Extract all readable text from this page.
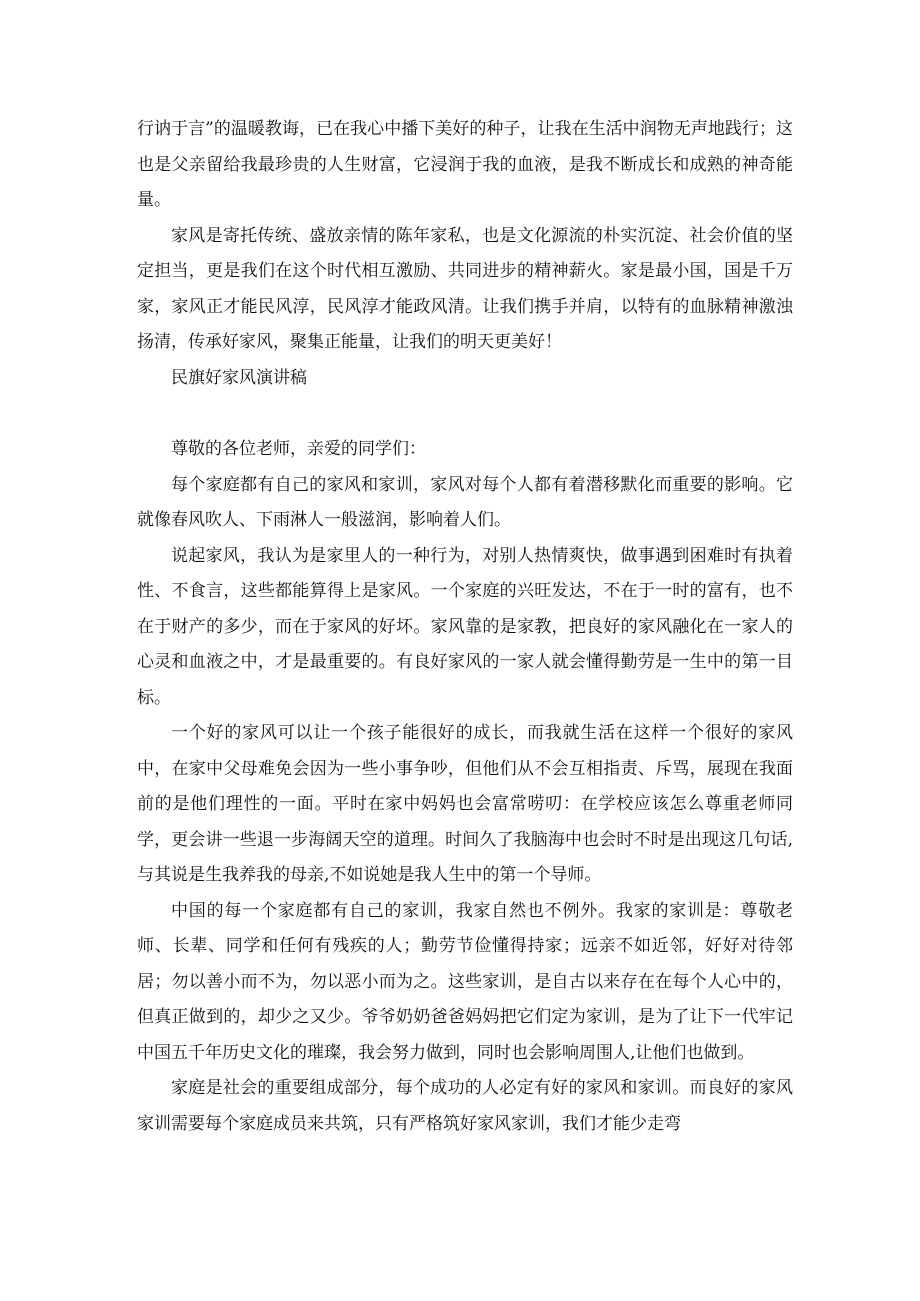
行讷于言”的温暖教诲，已在我心中播下美好的种子，让我在生活中润物无声地践行；这也是父亲留给我最珍贵的人生财富，它浸润于我的血液，是我不断成长和成熟的神奇能量。

家风是寄托传统、盛放亲情的陈年家私，也是文化源流的朴实沉淀、社会价值的坚定担当，更是我们在这个时代相互激励、共同进步的精神薪火。家是最小国，国是千万家，家风正才能民风淳，民风淳才能政风清。让我们携手并肩，以特有的血脉精神激浊扬清，传承好家风，聚集正能量，让我们的明天更美好！

民旗好家风演讲稿

尊敬的各位老师，亲爱的同学们：

每个家庭都有自己的家风和家训，家风对每个人都有着潜移默化而重要的影响。它就像春风吹人、下雨淋人一般滋润，影响着人们。

说起家风，我认为是家里人的一种行为，对别人热情爽快，做事遇到困难时有执着性、不食言，这些都能算得上是家风。一个家庭的兴旺发达，不在于一时的富有，也不在于财产的多少，而在于家风的好坏。家风靠的是家教，把良好的家风融化在一家人的心灵和血液之中，才是最重要的。有良好家风的一家人就会懂得勤劳是一生中的第一目标。

一个好的家风可以让一个孩子能很好的成长，而我就生活在这样一个很好的家风中，在家中父母难免会因为一些小事争吵，但他们从不会互相指责、斥骂，展现在我面前的是他们理性的一面。平时在家中妈妈也会富常唠叨：在学校应该怎么尊重老师同学，更会讲一些退一步海阔天空的道理。时间久了我脑海中也会时不时是出现这几句话,与其说是生我养我的母亲,不如说她是我人生中的第一个导师。

中国的每一个家庭都有自己的家训，我家自然也不例外。我家的家训是：尊敬老师、长辈、同学和任何有残疾的人；勤劳节俭懂得持家；远亲不如近邻，好好对待邻居；勿以善小而不为，勿以恶小而为之。这些家训，是自古以来存在在每个人心中的，但真正做到的，却少之又少。爷爷奶奶爸爸妈妈把它们定为家训，是为了让下一代牢记中国五千年历史文化的璀璨，我会努力做到，同时也会影响周围人,让他们也做到。

家庭是社会的重要组成部分，每个成功的人必定有好的家风和家训。而良好的家风家训需要每个家庭成员来共筑，只有严格筑好家风家训，我们才能少走弯
